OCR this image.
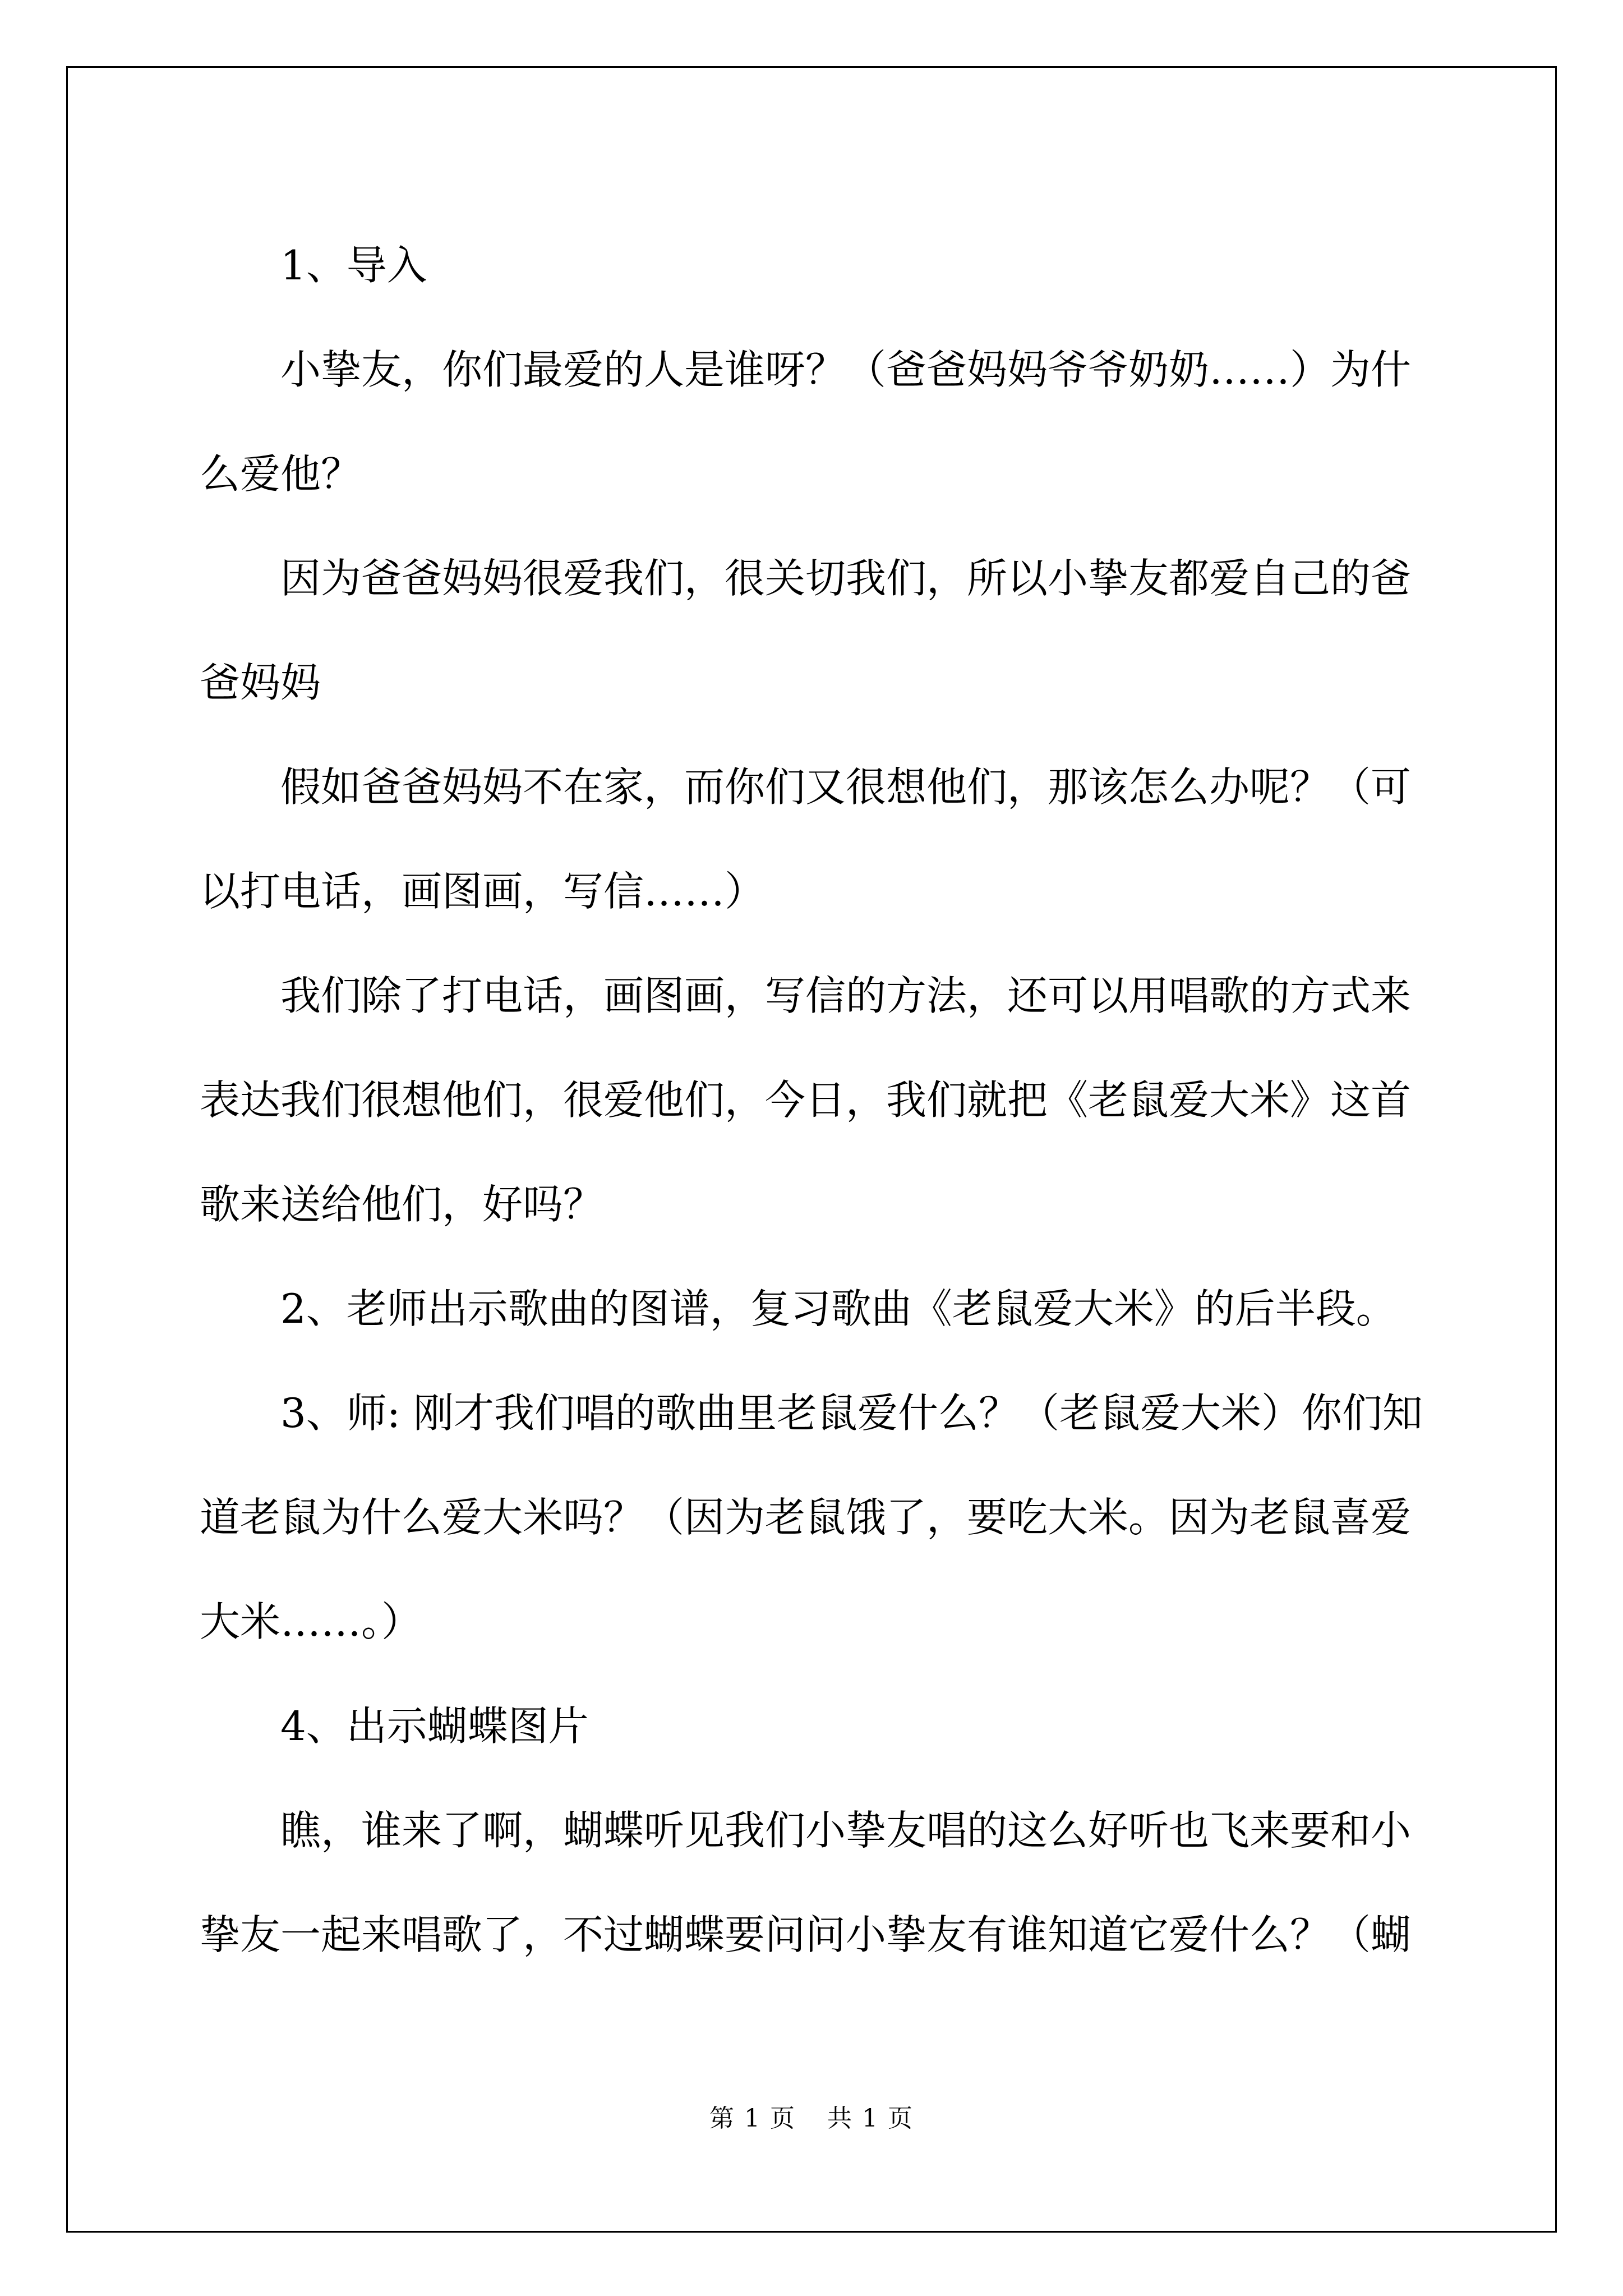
1、导入

小挚友，你们最爱的人是谁呀？（爸爸妈妈爷爷奶奶……）为什么爱他？

因为爸爸妈妈很爱我们，很关切我们，所以小挚友都爱自己的爸爸妈妈

假如爸爸妈妈不在家，而你们又很想他们，那该怎么办呢？（可以打电话，画图画，写信……）

我们除了打电话，画图画，写信的方法，还可以用唱歌的方式来表达我们很想他们，很爱他们，今日，我们就把《老鼠爱大米》这首歌来送给他们，好吗？

2、老师出示歌曲的图谱，复习歌曲《老鼠爱大米》的后半段。

3、师: 刚才我们唱的歌曲里老鼠爱什么？（老鼠爱大米）你们知道老鼠为什么爱大米吗？（因为老鼠饿了，要吃大米。因为老鼠喜爱大米……。）

4、出示蝴蝶图片

瞧，谁来了啊，蝴蝶听见我们小挚友唱的这么好听也飞来要和小挚友一起来唱歌了，不过蝴蝶要问问小挚友有谁知道它爱什么？（蝴

第 1 页 共 1 页
